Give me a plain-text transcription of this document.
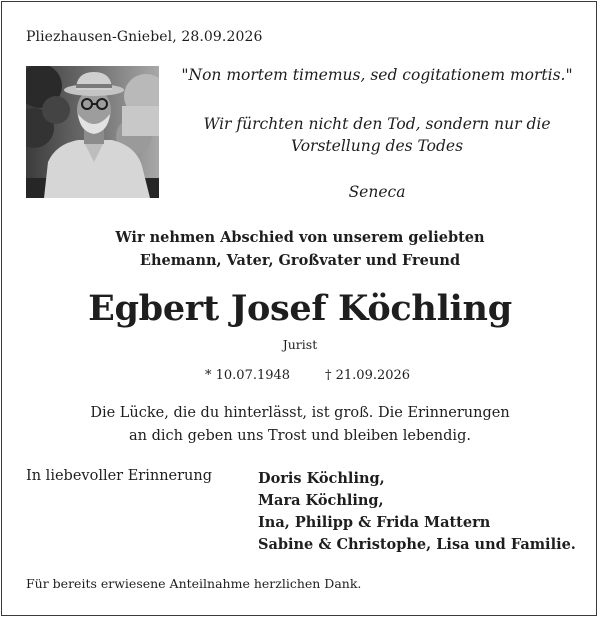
Pliezhausen-Gniebel, 28.09.2026
"Non mortem timemus, sed cogitationem mortis."
Wir fürchten nicht den Tod, sondern nur die
Vorstellung des Todes
Seneca
Wir nehmen Abschied von unserem geliebten
Ehemann, Vater, Großvater und Freund
Egbert Josef Köchling
Jurist
* 10.07.1948	† 21.09.2026
Die Lücke, die du hinterlässt, ist groß. Die Erinnerungen
an dich geben uns Trost und bleiben lebendig.
In liebevoller Erinnerung	Doris Köchling,
Mara Köchling,
Ina, Philipp & Frida Mattern
Sabine & Christophe, Lisa und Familie.
Für bereits erwiesene Anteilnahme herzlichen Dank.
